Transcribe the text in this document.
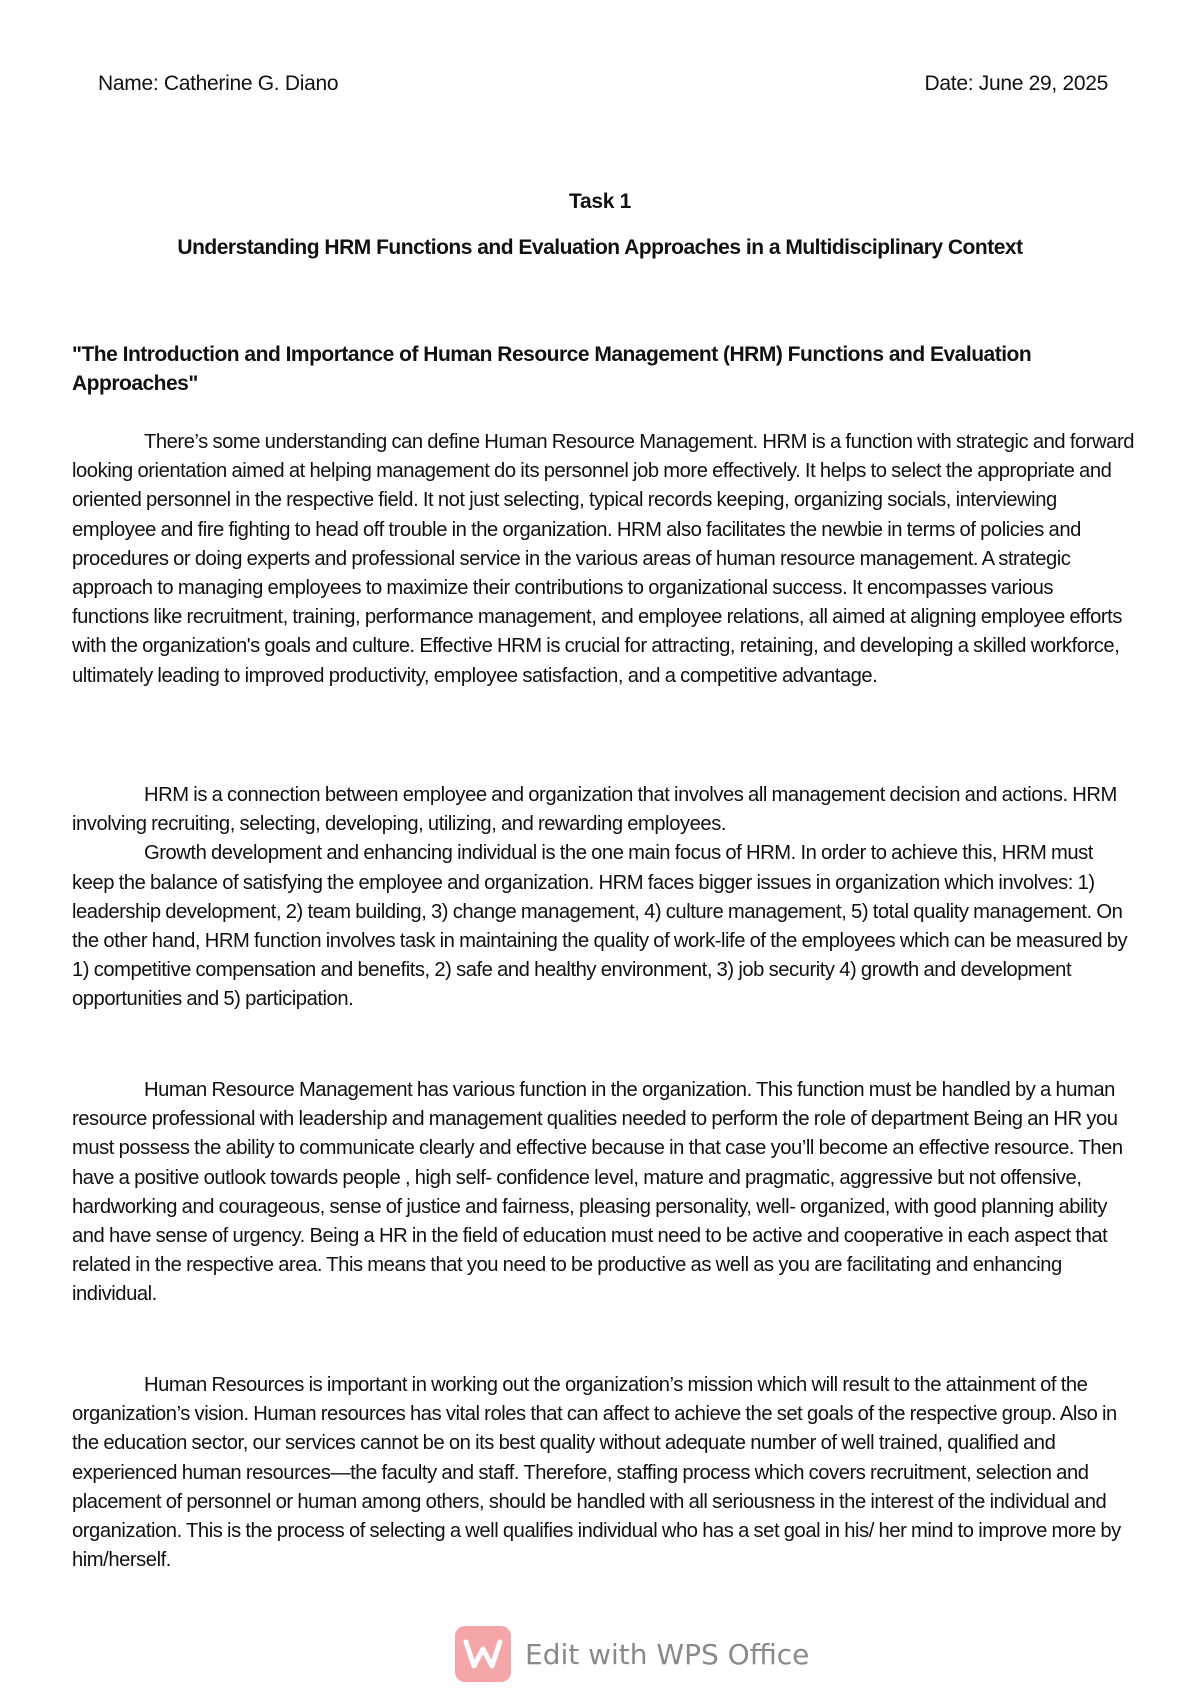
Name: Catherine G. Diano	Date: June 29, 2025
Task 1
Understanding HRM Functions and Evaluation Approaches in a Multidisciplinary Context
"The Introduction and Importance of Human Resource Management (HRM) Functions and Evaluation Approaches"

There’s some understanding can define Human Resource Management. HRM is a function with strategic and forward looking orientation aimed at helping management do its personnel job more effectively. It helps to select the appropriate and oriented personnel in the respective field. It not just selecting, typical records keeping, organizing socials, interviewing employee and fire fighting to head off trouble in the organization. HRM also facilitates the newbie in terms of policies and procedures or doing experts and professional service in the various areas of human resource management. A strategic approach to managing employees to maximize their contributions to organizational success. It encompasses various functions like recruitment, training, performance management, and employee relations, all aimed at aligning employee efforts with the organization's goals and culture. Effective HRM is crucial for attracting, retaining, and developing a skilled workforce, ultimately leading to improved productivity, employee satisfaction, and a competitive advantage.

HRM is a connection between employee and organization that involves all management decision and actions. HRM involving recruiting, selecting, developing, utilizing, and rewarding employees.

Growth development and enhancing individual is the one main focus of HRM. In order to achieve this, HRM must keep the balance of satisfying the employee and organization. HRM faces bigger issues in organization which involves: 1) leadership development, 2) team building, 3) change management, 4) culture management, 5) total quality management. On the other hand, HRM function involves task in maintaining the quality of work-life of the employees which can be measured by 1) competitive compensation and benefits, 2) safe and healthy environment, 3) job security 4) growth and development opportunities and 5) participation.

Human Resource Management has various function in the organization. This function must be handled by a human resource professional with leadership and management qualities needed to perform the role of department Being an HR you must possess the ability to communicate clearly and effective because in that case you’ll become an effective resource. Then have a positive outlook towards people , high self- confidence level, mature and pragmatic, aggressive but not offensive, hardworking and courageous, sense of justice and fairness, pleasing personality, well- organized, with good planning ability and have sense of urgency. Being a HR in the field of education must need to be active and cooperative in each aspect that related in the respective area. This means that you need to be productive as well as you are facilitating and enhancing individual.

Human Resources is important in working out the organization’s mission which will result to the attainment of the organization’s vision. Human resources has vital roles that can affect to achieve the set goals of the respective group. Also in the education sector, our services cannot be on its best quality without adequate number of well trained, qualified and experienced human resources—the faculty and staff. Therefore, staffing process which covers recruitment, selection and placement of personnel or human among others, should be handled with all seriousness in the interest of the individual and organization. This is the process of selecting a well qualifies individual who has a set goal in his/ her mind to improve more by him/herself.

Edit with WPS Office
